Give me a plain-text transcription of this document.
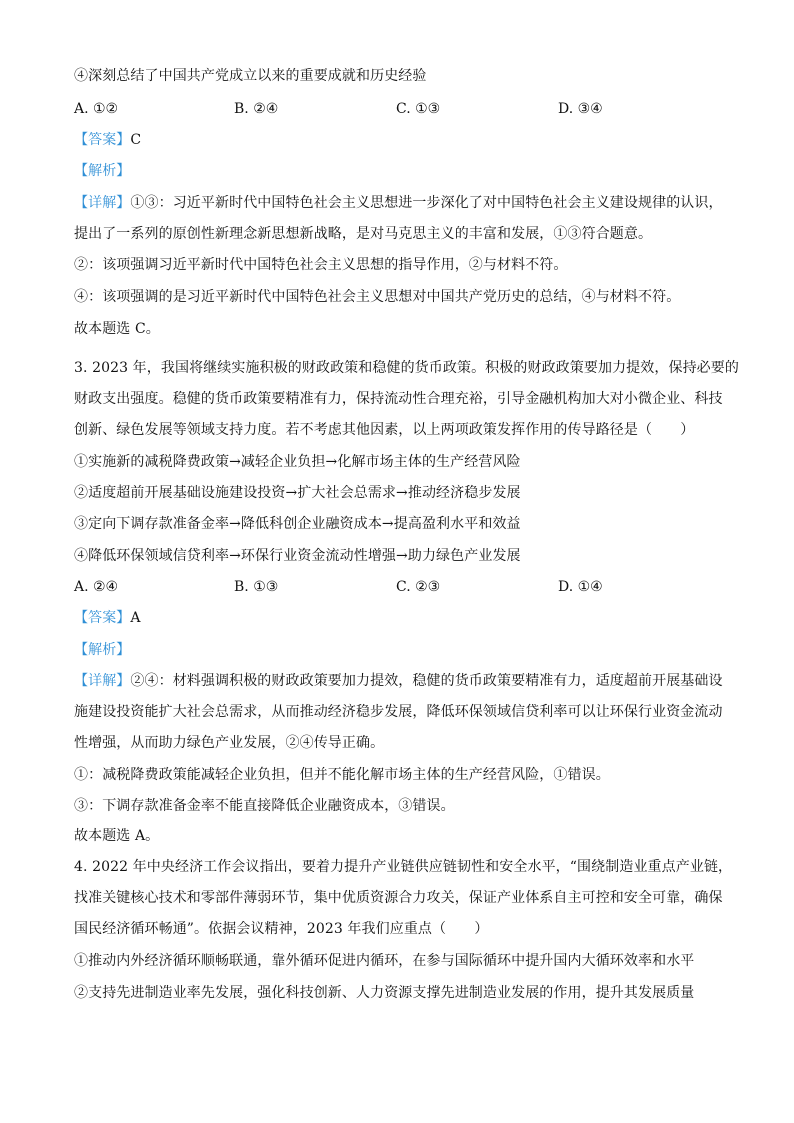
④深刻总结了中国共产党成立以来的重要成就和历史经验
A. ①②	B. ②④	C. ①③	D. ③④
【答案】C
【解析】
【详解】①③：习近平新时代中国特色社会主义思想进一步深化了对中国特色社会主义建设规律的认识，
提出了一系列的原创性新理念新思想新战略，是对马克思主义的丰富和发展，①③符合题意。
②：该项强调习近平新时代中国特色社会主义思想的指导作用，②与材料不符。
④：该项强调的是习近平新时代中国特色社会主义思想对中国共产党历史的总结，④与材料不符。
故本题选 C。
3. 2023 年，我国将继续实施积极的财政政策和稳健的货币政策。积极的财政政策要加力提效，保持必要的
财政支出强度。稳健的货币政策要精准有力，保持流动性合理充裕，引导金融机构加大对小微企业、科技
创新、绿色发展等领域支持力度。若不考虑其他因素，以上两项政策发挥作用的传导路径是（　　）
①实施新的减税降费政策→减轻企业负担→化解市场主体的生产经营风险
②适度超前开展基础设施建设投资→扩大社会总需求→推动经济稳步发展
③定向下调存款准备金率→降低科创企业融资成本→提高盈利水平和效益
④降低环保领域信贷利率→环保行业资金流动性增强→助力绿色产业发展
A. ②④	B. ①③	C. ②③	D. ①④
【答案】A
【解析】
【详解】②④：材料强调积极的财政政策要加力提效，稳健的货币政策要精准有力，适度超前开展基础设
施建设投资能扩大社会总需求，从而推动经济稳步发展，降低环保领域信贷利率可以让环保行业资金流动
性增强，从而助力绿色产业发展，②④传导正确。
①：减税降费政策能减轻企业负担，但并不能化解市场主体的生产经营风险，①错误。
③：下调存款准备金率不能直接降低企业融资成本，③错误。
故本题选 A。
4. 2022 年中央经济工作会议指出，要着力提升产业链供应链韧性和安全水平，“围绕制造业重点产业链，
找准关键核心技术和零部件薄弱环节，集中优质资源合力攻关，保证产业体系自主可控和安全可靠，确保
国民经济循环畅通”。依据会议精神，2023 年我们应重点（　　）
①推动内外经济循环顺畅联通，靠外循环促进内循环，在参与国际循环中提升国内大循环效率和水平
②支持先进制造业率先发展，强化科技创新、人力资源支撑先进制造业发展的作用，提升其发展质量
